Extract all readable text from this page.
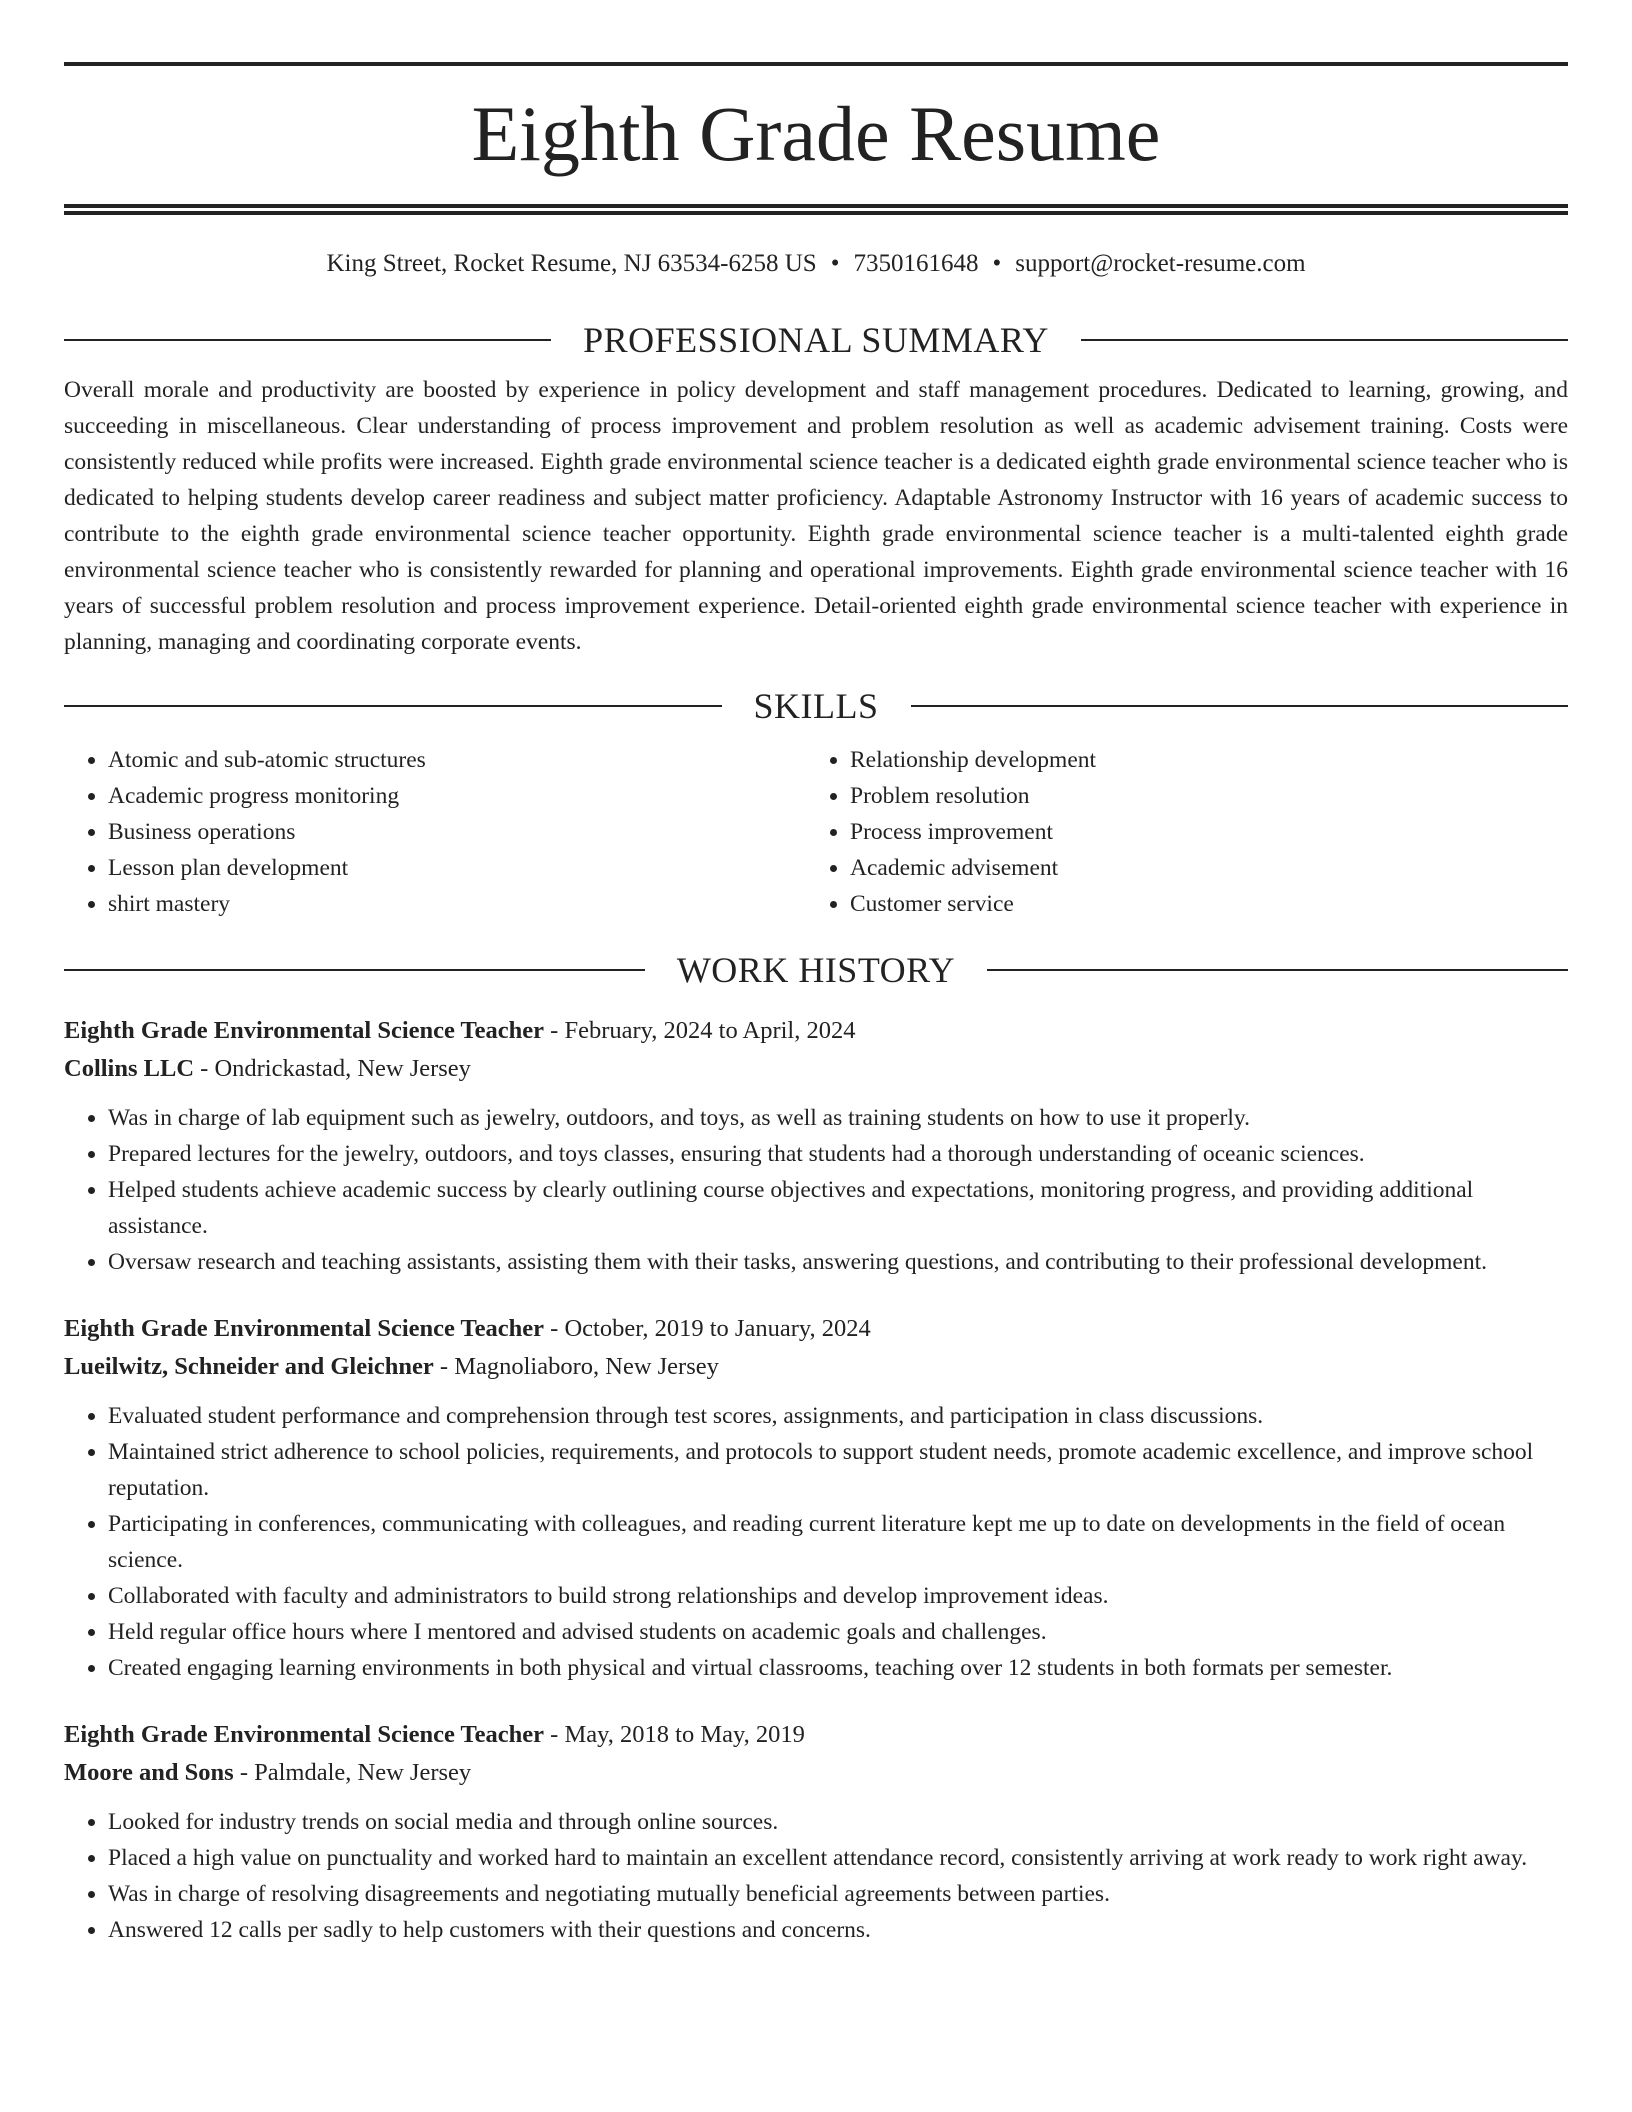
Eighth Grade Resume
King Street, Rocket Resume, NJ 63534-6258 US • 7350161648 • support@rocket-resume.com
PROFESSIONAL SUMMARY

Overall morale and productivity are boosted by experience in policy development and staff management procedures. Dedicated to learning, growing, and succeeding in miscellaneous. Clear understanding of process improvement and problem resolution as well as academic advisement training. Costs were consistently reduced while profits were increased. Eighth grade environmental science teacher is a dedicated eighth grade environmental science teacher who is dedicated to helping students develop career readiness and subject matter proficiency. Adaptable Astronomy Instructor with 16 years of academic success to contribute to the eighth grade environmental science teacher opportunity. Eighth grade environmental science teacher is a multi-talented eighth grade environmental science teacher who is consistently rewarded for planning and operational improvements. Eighth grade environmental science teacher with 16 years of successful problem resolution and process improvement experience. Detail-oriented eighth grade environmental science teacher with experience in planning, managing and coordinating corporate events.

SKILLS
• Atomic and sub-atomic structures
• Academic progress monitoring
• Business operations
• Lesson plan development
• shirt mastery
• Relationship development
• Problem resolution
• Process improvement
• Academic advisement
• Customer service
WORK HISTORY
Eighth Grade Environmental Science Teacher - February, 2024 to April, 2024
Collins LLC - Ondrickastad, New Jersey
• Was in charge of lab equipment such as jewelry, outdoors, and toys, as well as training students on how to use it properly.
• Prepared lectures for the jewelry, outdoors, and toys classes, ensuring that students had a thorough understanding of oceanic sciences.
• Helped students achieve academic success by clearly outlining course objectives and expectations, monitoring progress, and providing additional assistance.
• Oversaw research and teaching assistants, assisting them with their tasks, answering questions, and contributing to their professional development.
Eighth Grade Environmental Science Teacher - October, 2019 to January, 2024
Lueilwitz, Schneider and Gleichner - Magnoliaboro, New Jersey
• Evaluated student performance and comprehension through test scores, assignments, and participation in class discussions.
• Maintained strict adherence to school policies, requirements, and protocols to support student needs, promote academic excellence, and improve school reputation.
• Participating in conferences, communicating with colleagues, and reading current literature kept me up to date on developments in the field of ocean science.
• Collaborated with faculty and administrators to build strong relationships and develop improvement ideas.
• Held regular office hours where I mentored and advised students on academic goals and challenges.
• Created engaging learning environments in both physical and virtual classrooms, teaching over 12 students in both formats per semester.
Eighth Grade Environmental Science Teacher - May, 2018 to May, 2019
Moore and Sons - Palmdale, New Jersey
• Looked for industry trends on social media and through online sources.
• Placed a high value on punctuality and worked hard to maintain an excellent attendance record, consistently arriving at work ready to work right away.
• Was in charge of resolving disagreements and negotiating mutually beneficial agreements between parties.
• Answered 12 calls per sadly to help customers with their questions and concerns.
